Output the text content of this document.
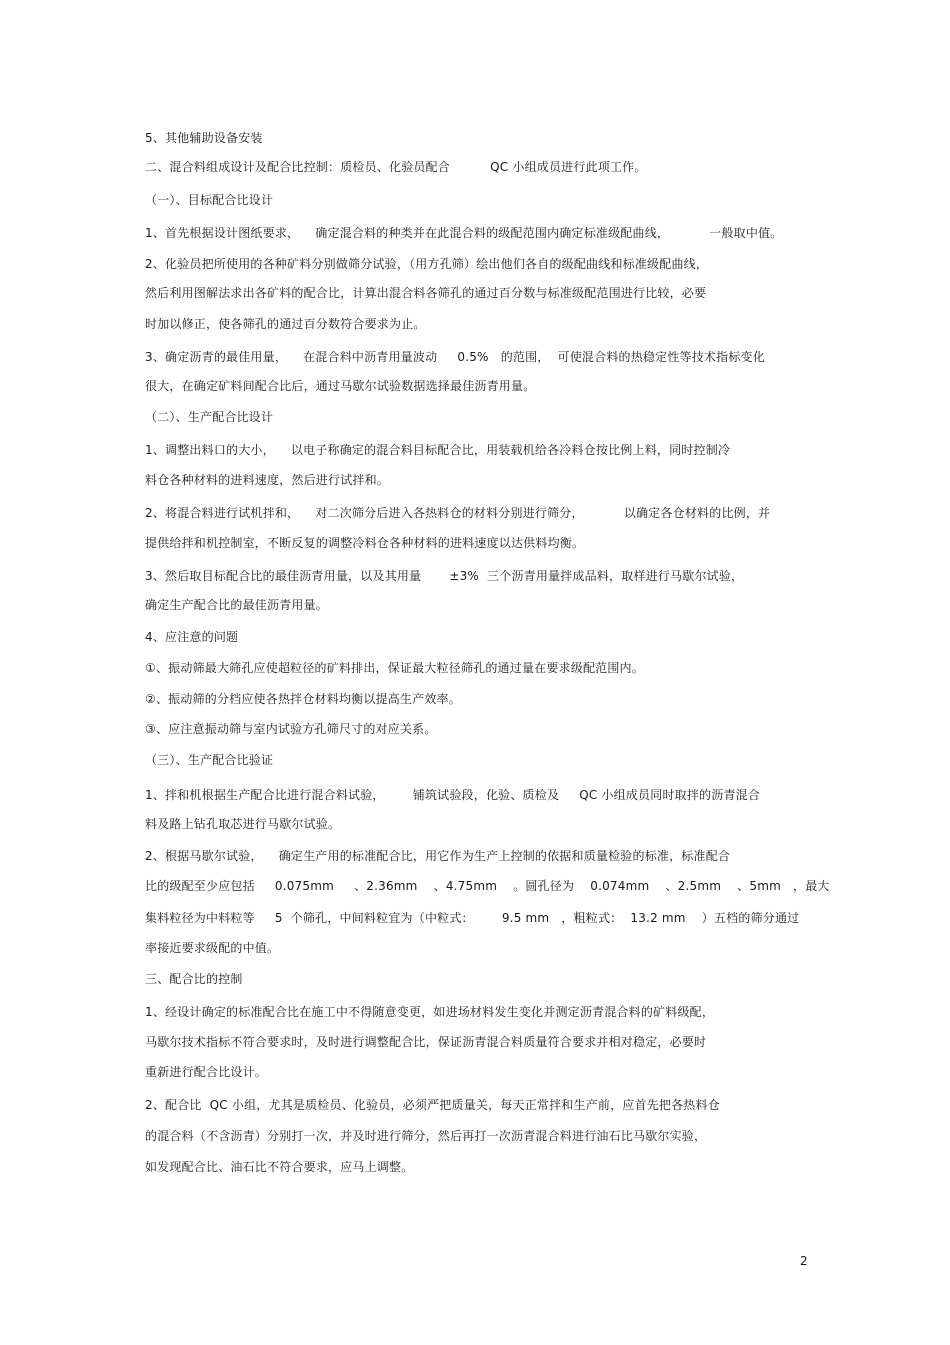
5、其他辅助设备安装
二、混合料组成设计及配合比控制：质检员、化验员配合          QC 小组成员进行此项工作。
（一）、目标配合比设计
1、首先根据设计图纸要求，    确定混合料的种类并在此混合料的级配范围内确定标准级配曲线，          一般取中值。
2、化验员把所使用的各种矿料分别做筛分试验，（用方孔筛）绘出他们各自的级配曲线和标准级配曲线，
然后利用图解法求出各矿料的配合比，计算出混合料各筛孔的通过百分数与标准级配范围进行比较，必要
时加以修正，使各筛孔的通过百分数符合要求为止。
3、确定沥青的最佳用量，    在混合料中沥青用量波动     0.5%   的范围，  可使混合料的热稳定性等技术指标变化
很大，在确定矿料间配合比后，通过马歇尔试验数据选择最佳沥青用量。
（二）、生产配合比设计
1、调整出料口的大小，    以电子称确定的混合料目标配合比，用装载机给各冷料仓按比例上料，同时控制冷
料仓各种材料的进料速度，然后进行试拌和。
2、将混合料进行试机拌和，    对二次筛分后进入各热料仓的材料分别进行筛分，          以确定各仓材料的比例，并
提供给拌和机控制室，不断反复的调整冷料仓各种材料的进料速度以达供料均衡。
3、然后取目标配合比的最佳沥青用量，以及其用量       ±3%  三个沥青用量拌成品料，取样进行马歇尔试验，
确定生产配合比的最佳沥青用量。
4、应注意的问题
①、振动筛最大筛孔应使超粒径的矿料排出，保证最大粒径筛孔的通过量在要求级配范围内。
②、振动筛的分档应使各热拌仓材料均衡以提高生产效率。
③、应注意振动筛与室内试验方孔筛尺寸的对应关系。
（三）、生产配合比验证
1、拌和机根据生产配合比进行混合料试验，       铺筑试验段，化验、质检及     QC 小组成员同时取拌的沥青混合
料及路上钻孔取芯进行马歇尔试验。
2、根据马歇尔试验，    确定生产用的标准配合比，用它作为生产上控制的依据和质量检验的标准，标准配合
比的级配至少应包括     0.075mm     、2.36mm    、4.75mm    。圆孔径为    0.074mm    、2.5mm    、5mm   ，最大
集料粒径为中料粒等     5  个筛孔，中间料粒宜为（中粒式：       9.5 mm   ，粗粒式：  13.2 mm    ）五档的筛分通过
率接近要求级配的中值。
三、配合比的控制
1、经设计确定的标准配合比在施工中不得随意变更，如进场材料发生变化并测定沥青混合料的矿料级配，
马歇尔技术指标不符合要求时，及时进行调整配合比，保证沥青混合料质量符合要求并相对稳定，必要时
重新进行配合比设计。
2、配合比  QC 小组，尤其是质检员、化验员，必须严把质量关，每天正常拌和生产前，应首先把各热料仓
的混合料（不含沥青）分别打一次，并及时进行筛分，然后再打一次沥青混合料进行油石比马歇尔实验，
如发现配合比、油石比不符合要求，应马上调整。
2
